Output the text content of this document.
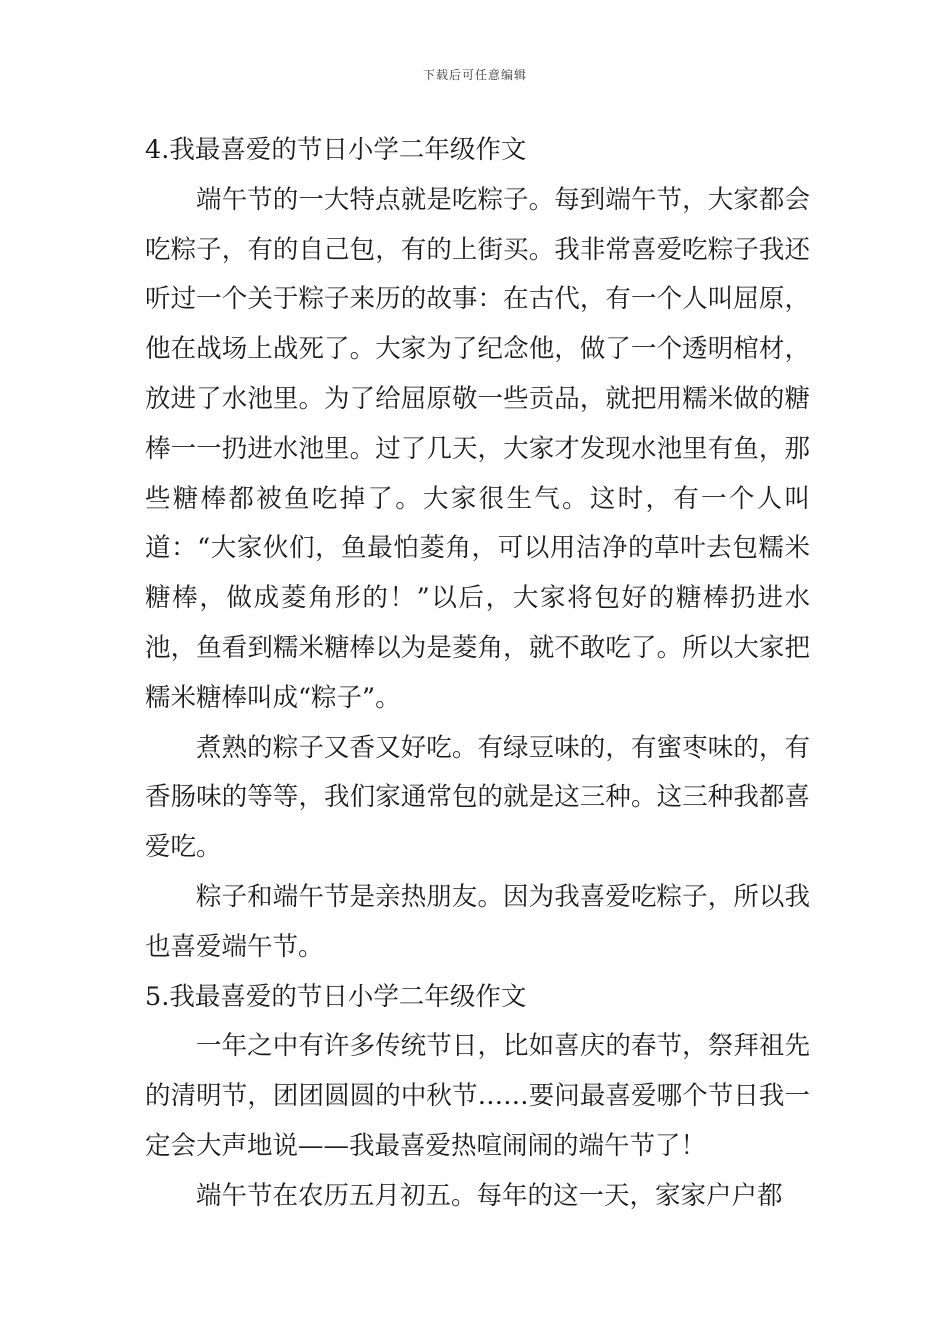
下载后可任意编辑

4.我最喜爱的节日小学二年级作文

端午节的一大特点就是吃粽子。每到端午节，大家都会吃粽子，有的自己包，有的上街买。我非常喜爱吃粽子我还听过一个关于粽子来历的故事：在古代，有一个人叫屈原，他在战场上战死了。大家为了纪念他，做了一个透明棺材，放进了水池里。为了给屈原敬一些贡品，就把用糯米做的糖棒一一扔进水池里。过了几天，大家才发现水池里有鱼，那些糖棒都被鱼吃掉了。大家很生气。这时，有一个人叫道：“大家伙们，鱼最怕菱角，可以用洁净的草叶去包糯米糖棒，做成菱角形的！”以后，大家将包好的糖棒扔进水池，鱼看到糯米糖棒以为是菱角，就不敢吃了。所以大家把糯米糖棒叫成“粽子”。

煮熟的粽子又香又好吃。有绿豆味的，有蜜枣味的，有香肠味的等等，我们家通常包的就是这三种。这三种我都喜爱吃。

粽子和端午节是亲热朋友。因为我喜爱吃粽子，所以我也喜爱端午节。

5.我最喜爱的节日小学二年级作文

一年之中有许多传统节日，比如喜庆的春节，祭拜祖先的清明节，团团圆圆的中秋节……要问最喜爱哪个节日我一定会大声地说——我最喜爱热喧闹闹的端午节了！

端午节在农历五月初五。每年的这一天，家家户户都
